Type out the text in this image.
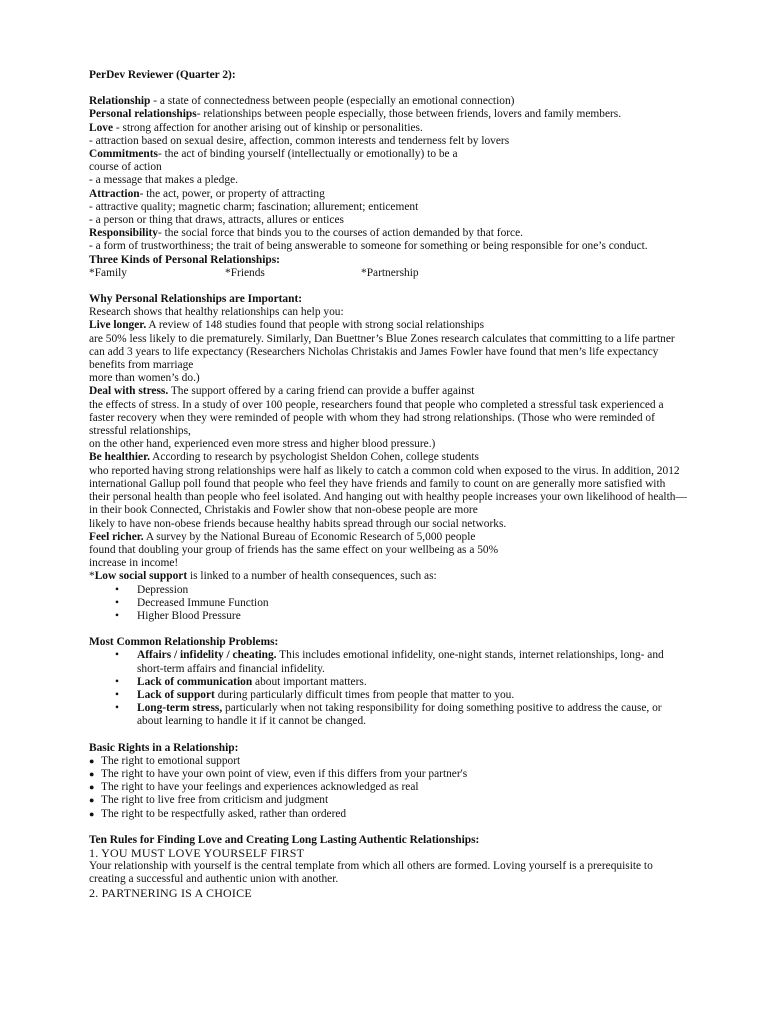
PerDev Reviewer (Quarter 2):

Relationship - a state of connectedness between people (especially an emotional connection)

Personal relationships- relationships between people especially, those between friends, lovers and family members.

Love - strong affection for another arising out of kinship or personalities.

- attraction based on sexual desire, affection, common interests and tenderness felt by lovers

Commitments- the act of binding yourself (intellectually or emotionally) to be a

course of action

- a message that makes a pledge.

Attraction- the act, power, or property of attracting

- attractive quality; magnetic charm; fascination; allurement; enticement

- a person or thing that draws, attracts, allures or entices

Responsibility- the social force that binds you to the courses of action demanded by that force.

- a form of trustworthiness; the trait of being answerable to someone for something or being responsible for one’s conduct.

Three Kinds of Personal Relationships:

*Family	*Friends	*Partnership

Why Personal Relationships are Important:

Research shows that healthy relationships can help you:

Live longer. A review of 148 studies found that people with strong social relationships

are 50% less likely to die prematurely. Similarly, Dan Buettner’s Blue Zones research calculates that committing to a life partner can add 3 years to life expectancy (Researchers Nicholas Christakis and James Fowler have found that men’s life expectancy benefits from marriage

more than women’s do.)

Deal with stress. The support offered by a caring friend can provide a buffer against

the effects of stress. In a study of over 100 people, researchers found that people who completed a stressful task experienced a faster recovery when they were reminded of people with whom they had strong relationships. (Those who were reminded of stressful relationships,

on the other hand, experienced even more stress and higher blood pressure.)

Be healthier. According to research by psychologist Sheldon Cohen, college students

who reported having strong relationships were half as likely to catch a common cold when exposed to the virus. In addition, 2012 international Gallup poll found that people who feel they have friends and family to count on are generally more satisfied with their personal health than people who feel isolated. And hanging out with healthy people increases your own likelihood of health—in their book Connected, Christakis and Fowler show that non-obese people are more

likely to have non-obese friends because healthy habits spread through our social networks.

Feel richer. A survey by the National Bureau of Economic Research of 5,000 people

found that doubling your group of friends has the same effect on your wellbeing as a 50%

increase in income!

*Low social support is linked to a number of health consequences, such as:

• Depression
• Decreased Immune Function
• Higher Blood Pressure

Most Common Relationship Problems:

• Affairs / infidelity / cheating. This includes emotional infidelity, one-night stands, internet relationships, long- and short-term affairs and financial infidelity.
• Lack of communication about important matters.
• Lack of support during particularly difficult times from people that matter to you.
• Long-term stress, particularly when not taking responsibility for doing something positive to address the cause, or about learning to handle it if it cannot be changed.

Basic Rights in a Relationship:

● The right to emotional support
● The right to have your own point of view, even if this differs from your partner's
● The right to have your feelings and experiences acknowledged as real
● The right to live free from criticism and judgment
● The right to be respectfully asked, rather than ordered

Ten Rules for Finding Love and Creating Long Lasting Authentic Relationships:

1. YOU MUST LOVE YOURSELF FIRST

Your relationship with yourself is the central template from which all others are formed. Loving yourself is a prerequisite to creating a successful and authentic union with another.

2. PARTNERING IS A CHOICE
